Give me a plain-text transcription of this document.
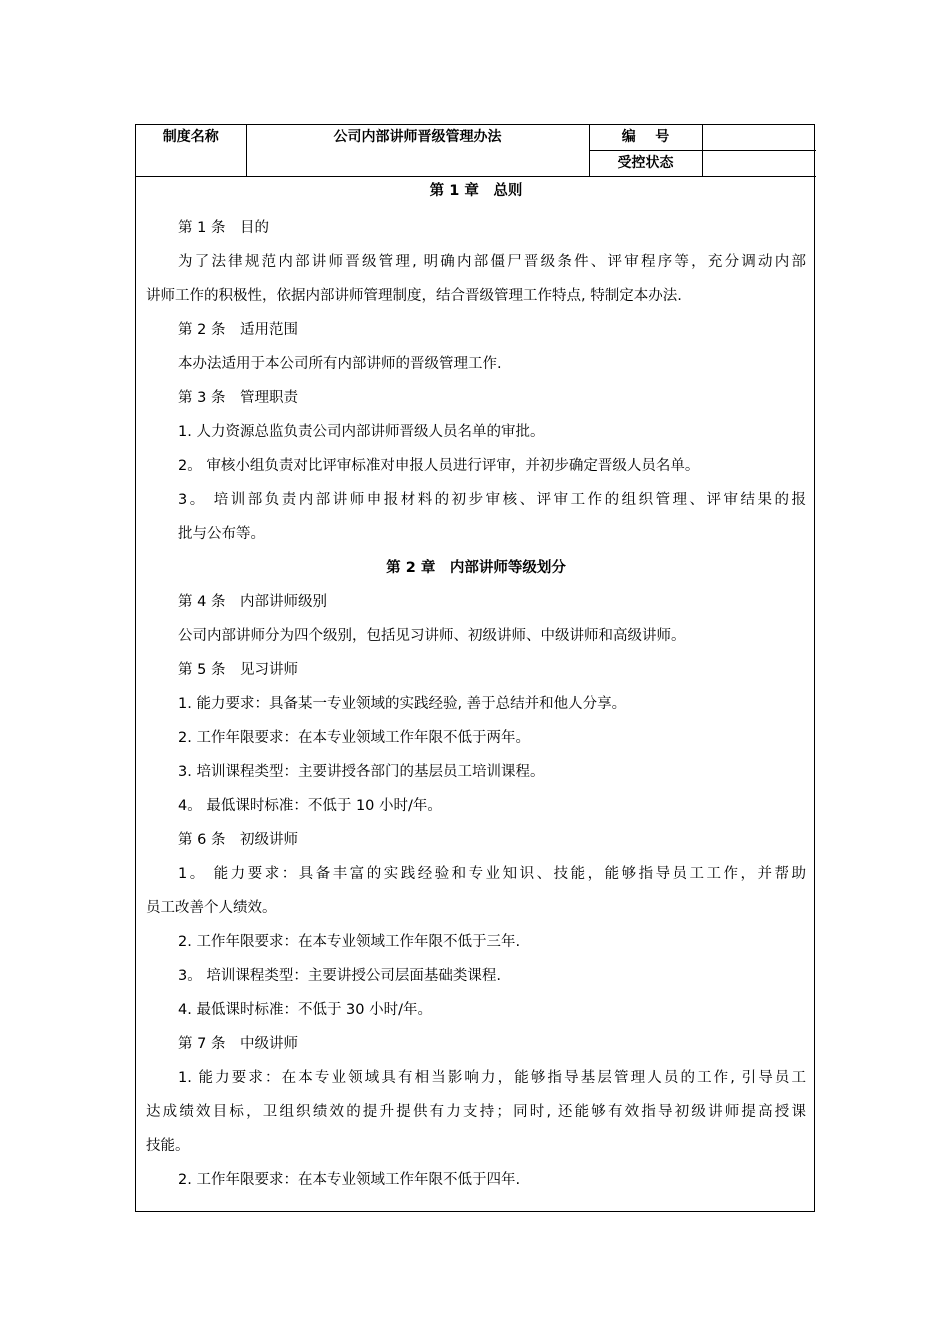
制度名称	公司内部讲师晋级管理办法	编    号	
		受控状态	
第 1 章　总则
第 1 条　目的
为了法律规范内部讲师晋级管理, 明确内部僵尸晋级条件、评审程序等，充分调动内部
讲师工作的积极性，依据内部讲师管理制度，结合晋级管理工作特点, 特制定本办法.
第 2 条　适用范围
本办法适用于本公司所有内部讲师的晋级管理工作.
第 3 条　管理职责
1. 人力资源总监负责公司内部讲师晋级人员名单的审批。
2。 审核小组负责对比评审标准对申报人员进行评审，并初步确定晋级人员名单。
3。 培训部负责内部讲师申报材料的初步审核、评审工作的组织管理、评审结果的报
批与公布等。
第 2 章　内部讲师等级划分
第 4 条　内部讲师级别
公司内部讲师分为四个级别，包括见习讲师、初级讲师、中级讲师和高级讲师。
第 5 条　见习讲师
1. 能力要求：具备某一专业领域的实践经验, 善于总结并和他人分享。
2. 工作年限要求：在本专业领域工作年限不低于两年。
3. 培训课程类型：主要讲授各部门的基层员工培训课程。
4。 最低课时标准：不低于 10 小时/年。
第 6 条　初级讲师
1。 能力要求：具备丰富的实践经验和专业知识、技能，能够指导员工工作，并帮助
员工改善个人绩效。
2. 工作年限要求：在本专业领域工作年限不低于三年.
3。 培训课程类型：主要讲授公司层面基础类课程.
4. 最低课时标准：不低于 30 小时/年。
第 7 条　中级讲师
1. 能力要求：在本专业领域具有相当影响力，能够指导基层管理人员的工作, 引导员工
达成绩效目标，卫组织绩效的提升提供有力支持；同时, 还能够有效指导初级讲师提高授课
技能。
2. 工作年限要求：在本专业领域工作年限不低于四年.
